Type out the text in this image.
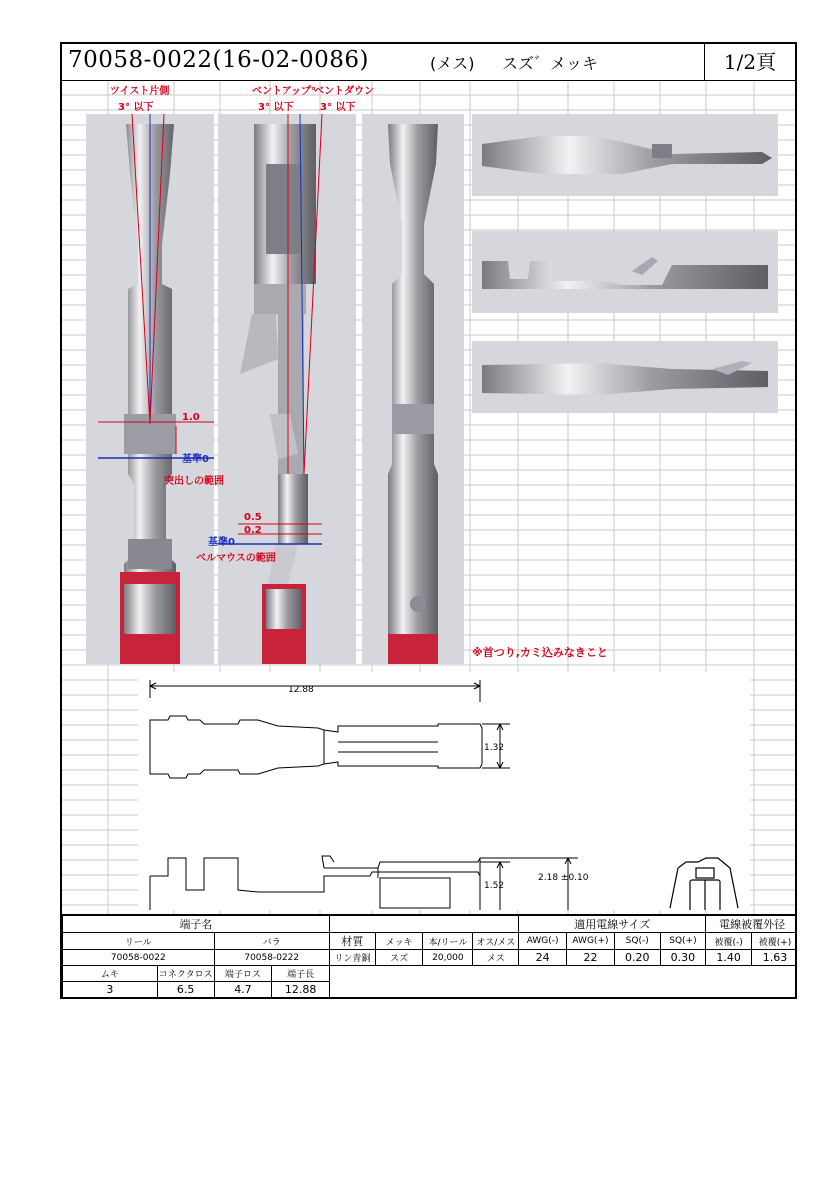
70058-0022(16-02-0086)	(メス) スズ゛メッキ	1/2頁
ツイスト片側
3° 以下
ベントアップ°
3° 以下
ベントダウン
3° 以下
1.0
基準0
突出しの範囲
0.5
0.2
基準0
ベルマウスの範囲
※首つり,カミ込みなきこと
12.88
1.32
1.52
2.18 ±0.10
端子名								適用電線サイズ				電線被覆外径	
リール		バラ		材質	メッキ	本/リール	オス/メス	AWG(-)	AWG(+)	SQ(-)	SQ(+)	被覆(-)	被覆(+)
70058-0022		70058-0222		リン青銅	スズ	20,000	メス	24	22	0.20	0.30	1.40	1.63
ムキ	コネクタロス	端子ロス	端子長										
3	6.5	4.7	12.88										
